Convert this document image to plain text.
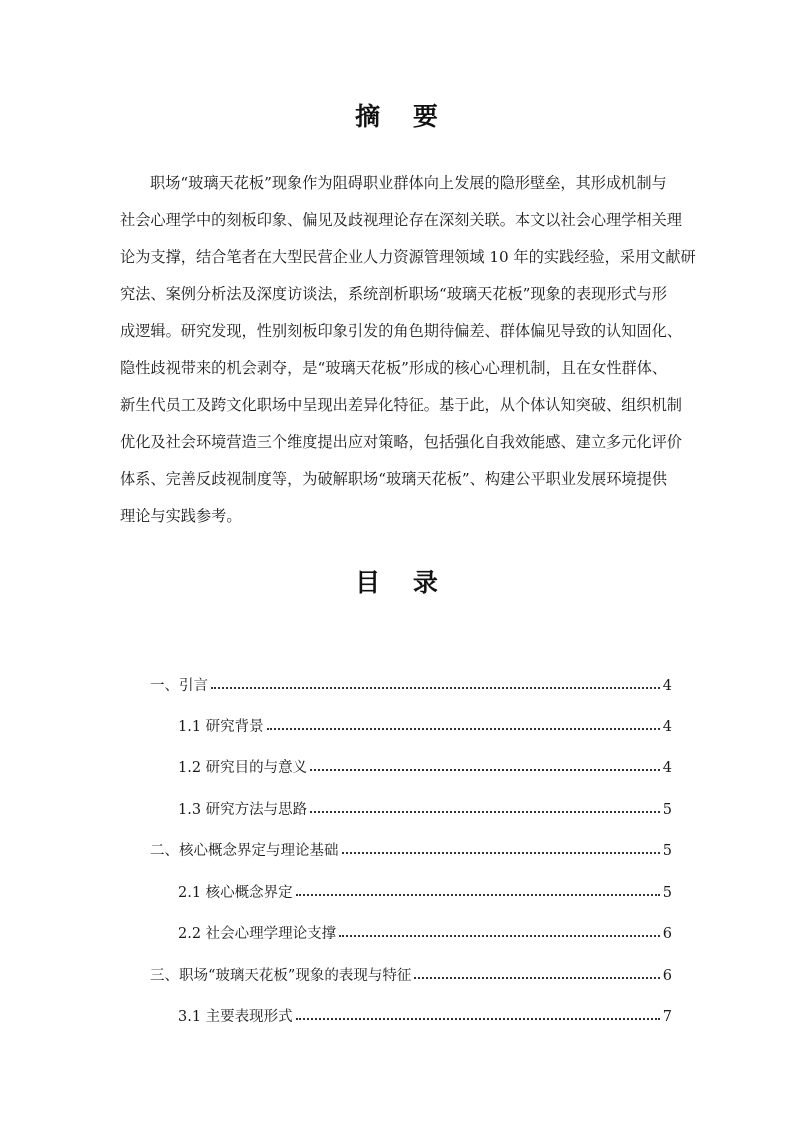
摘 要
职场“玻璃天花板”现象作为阻碍职业群体向上发展的隐形壁垒，其形成机制与
社会心理学中的刻板印象、偏见及歧视理论存在深刻关联。本文以社会心理学相关理
论为支撑，结合笔者在大型民营企业人力资源管理领域 10 年的实践经验，采用文献研
究法、案例分析法及深度访谈法，系统剖析职场“玻璃天花板”现象的表现形式与形
成逻辑。研究发现，性别刻板印象引发的角色期待偏差、群体偏见导致的认知固化、
隐性歧视带来的机会剥夺，是“玻璃天花板”形成的核心心理机制，且在女性群体、
新生代员工及跨文化职场中呈现出差异化特征。基于此，从个体认知突破、组织机制
优化及社会环境营造三个维度提出应对策略，包括强化自我效能感、建立多元化评价
体系、完善反歧视制度等，为破解职场“玻璃天花板”、构建公平职业发展环境提供
理论与实践参考。
目 录
一、引言	4
1.1 研究背景	4
1.2 研究目的与意义	4
1.3 研究方法与思路	5
二、核心概念界定与理论基础	5
2.1 核心概念界定	5
2.2 社会心理学理论支撑	6
三、职场“玻璃天花板”现象的表现与特征	6
3.1 主要表现形式	7
